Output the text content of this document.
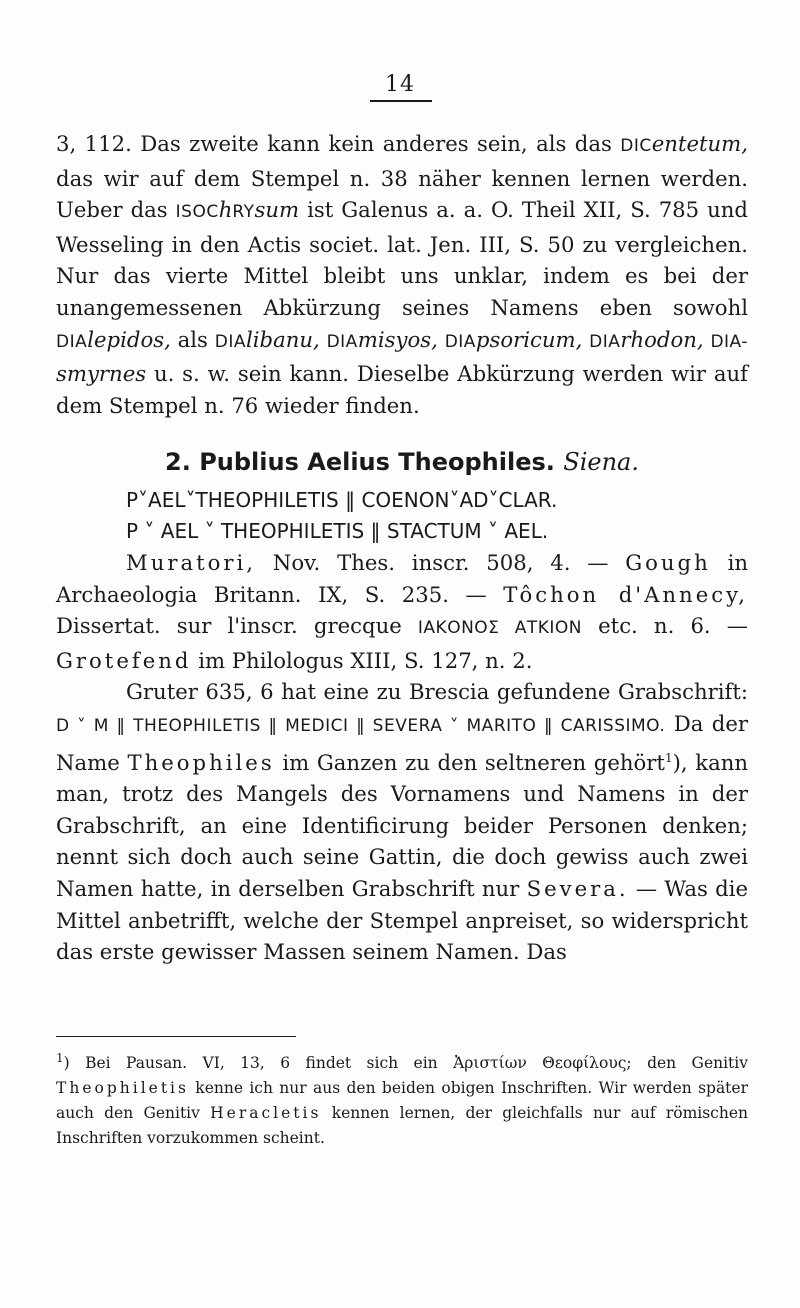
14

3, 112. Das zweite kann kein anderes sein, als das DICentetum, das wir auf dem Stempel n. 38 näher kennen lernen werden. Ueber das ISOChRYsum ist Galenus a. a. O. Theil XII, S. 785 und Wesseling in den Actis societ. lat. Jen. III, S. 50 zu vergleichen. Nur das vierte Mittel bleibt uns unklar, indem es bei der unangemessenen Abkürzung seines Namens eben sowohl DIAlepidos, als DIAlibanu, DIAmisyos, DIApsoricum, DIArhodon, DIA-smyrnes u. s. w. sein kann. Dieselbe Abkürzung werden wir auf dem Stempel n. 76 wieder finden.

2. Publius Aelius Theophiles. Siena.
P˅AEL˅THEOPHILETIS ‖ COENON˅AD˅CLAR.
P ˅ AEL ˅ THEOPHILETIS ‖ STACTUM ˅ AEL.

Muratori, Nov. Thes. inscr. 508, 4. — Gough in Archaeologia Britann. IX, S. 235. — Tôchon d'Annecy, Dissertat. sur l'inscr. grecque ΙΑΚΟΝΟΣ ΑΤΚΙΟΝ etc. n. 6. — Grotefend im Philologus XIII, S. 127, n. 2.

Gruter 635, 6 hat eine zu Brescia gefundene Grabschrift: D ˅ M ‖ THEOPHILETIS ‖ MEDICI ‖ SEVERA ˅ MARITO ‖ CARISSIMO. Da der Name Theophiles im Ganzen zu den seltneren gehört$^1$), kann man, trotz des Mangels des Vornamens und Namens in der Grabschrift, an eine Identificirung beider Personen denken; nennt sich doch auch seine Gattin, die doch gewiss auch zwei Namen hatte, in derselben Grabschrift nur Severa. — Was die Mittel anbetrifft, welche der Stempel anpreiset, so widerspricht das erste gewisser Massen seinem Namen. Das

$^1$) Bei Pausan. VI, 13, 6 findet sich ein Ἀριστίων Θεοφίλους; den Genitiv Theophiletis kenne ich nur aus den beiden obigen Inschriften. Wir werden später auch den Genitiv Heracletis kennen lernen, der gleichfalls nur auf römischen Inschriften vorzukommen scheint.
